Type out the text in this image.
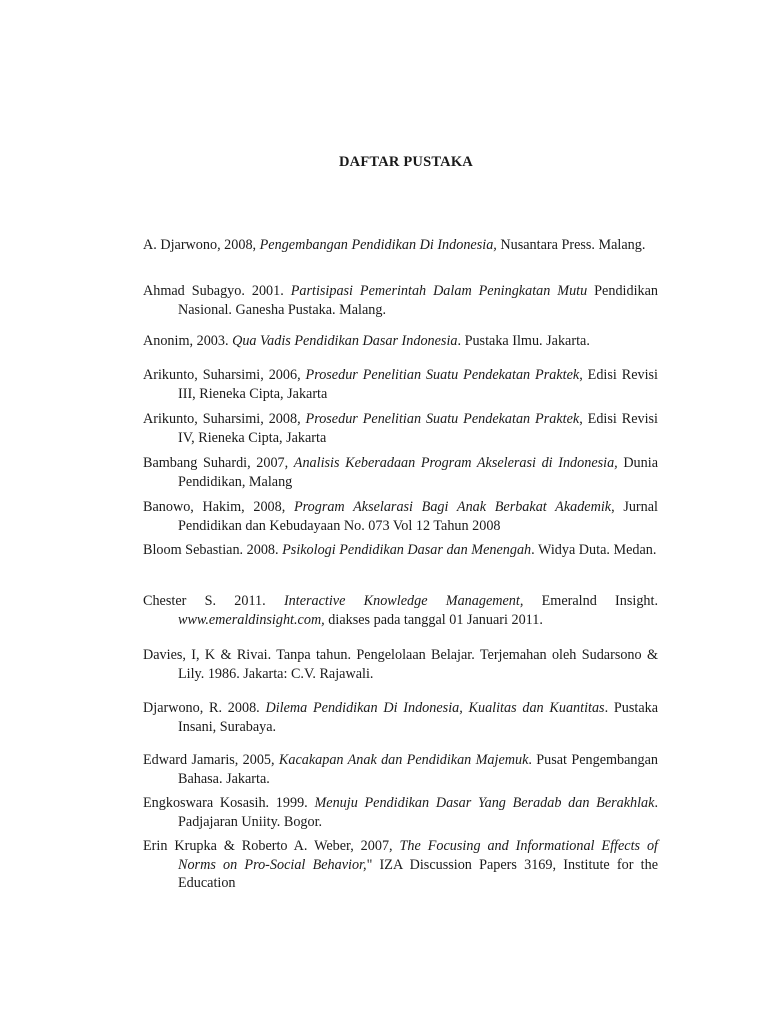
DAFTAR PUSTAKA
A. Djarwono, 2008, Pengembangan Pendidikan Di Indonesia, Nusantara Press. Malang.
Ahmad Subagyo. 2001. Partisipasi Pemerintah Dalam Peningkatan Mutu Pendidikan Nasional. Ganesha Pustaka. Malang.
Anonim, 2003. Qua Vadis Pendidikan Dasar Indonesia. Pustaka Ilmu. Jakarta.
Arikunto, Suharsimi, 2006, Prosedur Penelitian Suatu Pendekatan Praktek, Edisi Revisi III, Rieneka Cipta, Jakarta
Arikunto, Suharsimi, 2008, Prosedur Penelitian Suatu Pendekatan Praktek, Edisi Revisi IV, Rieneka Cipta, Jakarta
Bambang Suhardi, 2007, Analisis Keberadaan Program Akselerasi di Indonesia, Dunia Pendidikan, Malang
Banowo, Hakim, 2008, Program Akselarasi Bagi Anak Berbakat Akademik, Jurnal Pendidikan dan Kebudayaan No. 073 Vol 12 Tahun 2008
Bloom Sebastian. 2008. Psikologi Pendidikan Dasar dan Menengah. Widya Duta. Medan.
Chester S. 2011. Interactive Knowledge Management, Emeralnd Insight. www.emeraldinsight.com, diakses pada tanggal 01 Januari 2011.
Davies, I, K & Rivai. Tanpa tahun. Pengelolaan Belajar. Terjemahan oleh Sudarsono & Lily. 1986. Jakarta: C.V. Rajawali.
Djarwono, R. 2008. Dilema Pendidikan Di Indonesia, Kualitas dan Kuantitas. Pustaka Insani, Surabaya.
Edward Jamaris, 2005, Kacakapan Anak dan Pendidikan Majemuk. Pusat Pengembangan Bahasa. Jakarta.
Engkoswara Kosasih. 1999. Menuju Pendidikan Dasar Yang Beradab dan Berakhlak. Padjajaran Uniity. Bogor.
Erin Krupka & Roberto A. Weber, 2007, The Focusing and Informational Effects of Norms on Pro-Social Behavior," IZA Discussion Papers 3169, Institute for the Education
